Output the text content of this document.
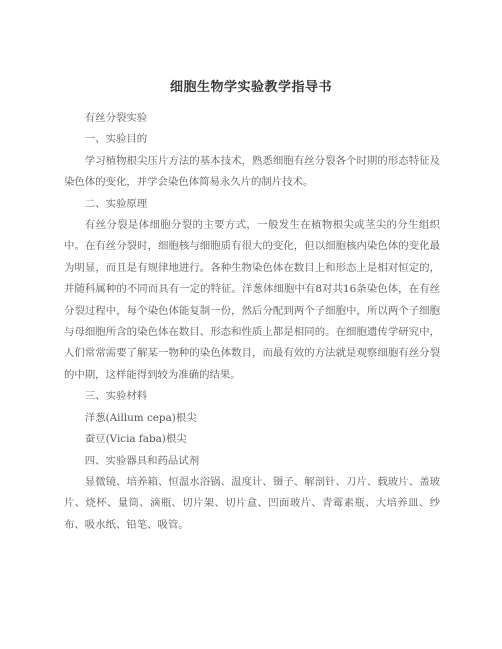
细胞生物学实验教学指导书

有丝分裂实验

一、实验目的

学习植物根尖压片方法的基本技术，熟悉细胞有丝分裂各个时期的形态特征及染色体的变化，并学会染色体简易永久片的制片技术。

二、实验原理

有丝分裂是体细胞分裂的主要方式，一般发生在植物根尖或茎尖的分生组织中。在有丝分裂时，细胞核与细胞质有很大的变化，但以细胞核内染色体的变化最为明显，而且是有规律地进行。各种生物染色体在数目上和形态上是相对恒定的，并随科属种的不同而具有一定的特征。洋葱体细胞中有8对共16条染色体，在有丝分裂过程中，每个染色体能复制一份，然后分配到两个子细胞中，所以两个子细胞与母细胞所含的染色体在数目、形态和性质上都是相同的。在细胞遗传学研究中，人们常常需要了解某一物种的染色体数目，而最有效的方法就是观察细胞有丝分裂的中期，这样能得到较为准确的结果。

三、实验材料

洋葱(Aillum cepa)根尖

蚕豆(Vicia faba)根尖

四、实验器具和药品试剂

显微镜、培养箱、恒温水浴锅、温度计、镊子、解剖针、刀片、载玻片、盖玻片、烧杯、量筒、滴瓶、切片架、切片盒、凹面玻片、青霉素瓶、大培养皿、纱布、吸水纸、铅笔、吸管。
